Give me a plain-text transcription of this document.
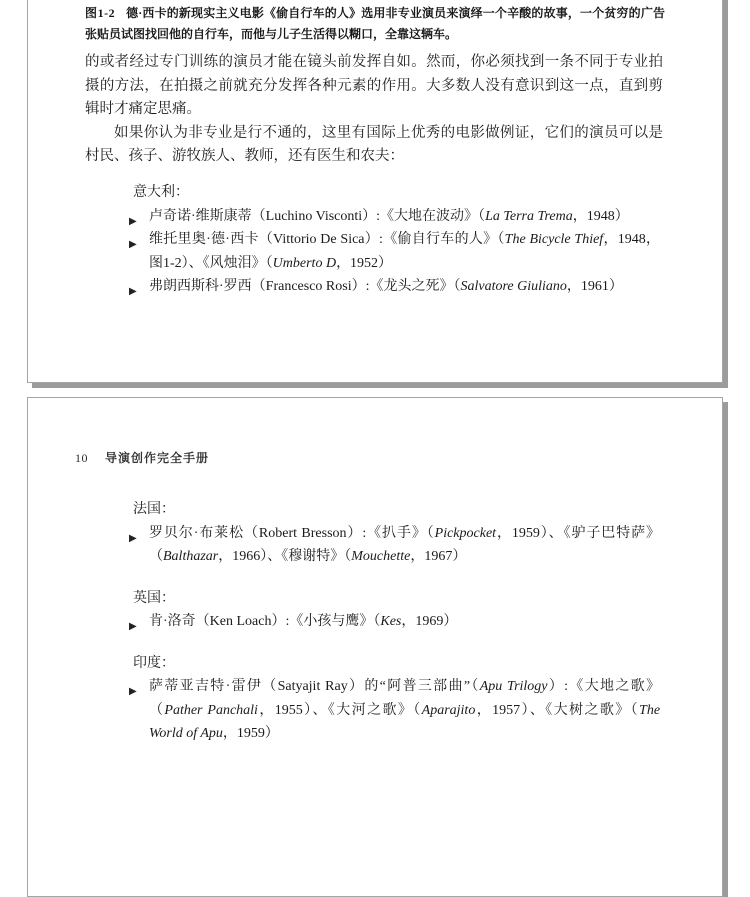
图1-2 德·西卡的新现实主义电影《偷自行车的人》选用非专业演员来演绎一个辛酸的故事，一个贫穷的广告张贴员试图找回他的自行车，而他与儿子生活得以糊口，全靠这辆车。

的或者经过专门训练的演员才能在镜头前发挥自如。然而，你必须找到一条不同于专业拍摄的方法，在拍摄之前就充分发挥各种元素的作用。大多数人没有意识到这一点，直到剪辑时才痛定思痛。

如果你认为非专业是行不通的，这里有国际上优秀的电影做例证，它们的演员可以是村民、孩子、游牧族人、教师，还有医生和农夫：

意大利：
▶ 卢奇诺·维斯康蒂（Luchino Visconti）:《大地在波动》（La Terra Trema，1948）
▶ 维托里奥·德·西卡（Vittorio De Sica）:《偷自行车的人》（The Bicycle Thief，1948，图1-2）、《风烛泪》（Umberto D，1952）
▶ 弗朗西斯科·罗西（Francesco Rosi）:《龙头之死》（Salvatore Giuliano，1961）
10 导演创作完全手册
法国：
▶ 罗贝尔·布莱松（Robert Bresson）:《扒手》（Pickpocket，1959）、《驴子巴特萨》（Balthazar，1966）、《穆谢特》（Mouchette，1967）
英国：
▶ 肯·洛奇（Ken Loach）:《小孩与鹰》（Kes，1969）
印度：
▶ 萨蒂亚吉特·雷伊（Satyajit Ray）的“阿普三部曲”（Apu Trilogy）:《大地之歌》（Pather Panchali，1955）、《大河之歌》（Aparajito，1957）、《大树之歌》（The World of Apu，1959）
